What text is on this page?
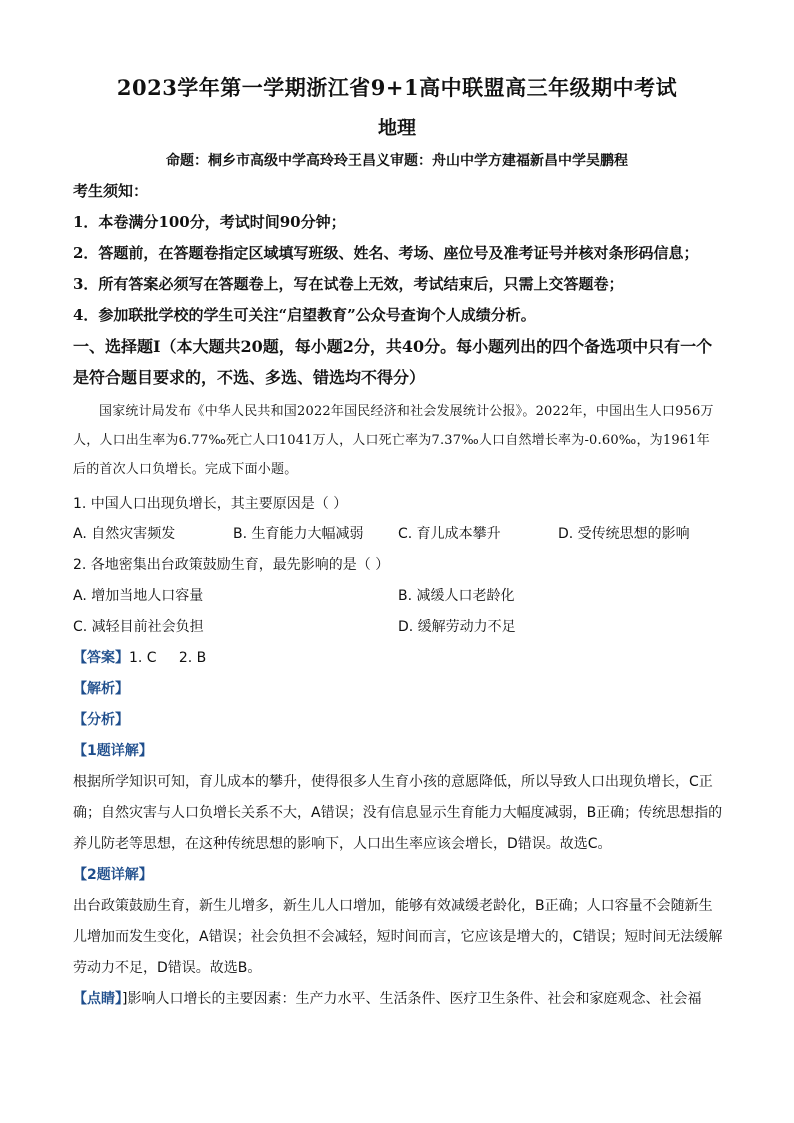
2023学年第一学期浙江省9+1高中联盟高三年级期中考试
地理
命题：桐乡市高级中学高玲玲王昌义审题：舟山中学方建福新昌中学吴鹏程
考生须知：
1．本卷满分100分，考试时间90分钟；
2．答题前，在答题卷指定区域填写班级、姓名、考场、座位号及准考证号并核对条形码信息；
3．所有答案必须写在答题卷上，写在试卷上无效，考试结束后，只需上交答题卷；
4．参加联批学校的学生可关注“启望教育”公众号查询个人成绩分析。
一、选择题Ⅰ（本大题共20题，每小题2分，共40分。每小题列出的四个备选项中只有一个是符合题目要求的，不选、多选、错选均不得分）
国家统计局发布《中华人民共和国2022年国民经济和社会发展统计公报》。2022年，中国出生人口956万人，人口出生率为6.77‰死亡人口1041万人，人口死亡率为7.37‰人口自然增长率为-0.60‰，为1961年后的首次人口负增长。完成下面小题。
1. 中国人口出现负增长，其主要原因是（ ）
A. 自然灾害频发	B. 生育能力大幅减弱 C. 育儿成本攀升	D. 受传统思想的影响
2. 各地密集出台政策鼓励生育，最先影响的是（ ）
A. 增加当地人口容量	B. 减缓人口老龄化
C. 减轻目前社会负担	D. 缓解劳动力不足
【答案】1. C     2. B
【解析】
【分析】
【1题详解】
根据所学知识可知，育儿成本的攀升，使得很多人生育小孩的意愿降低，所以导致人口出现负增长，C正确；自然灾害与人口负增长关系不大，A错误；没有信息显示生育能力大幅度减弱，B正确；传统思想指的养儿防老等思想，在这种传统思想的影响下，人口出生率应该会增长，D错误。故选C。
【2题详解】
出台政策鼓励生育，新生儿增多，新生儿人口增加，能够有效减缓老龄化，B正确；人口容量不会随新生儿增加而发生变化，A错误；社会负担不会减轻，短时间而言，它应该是增大的，C错误；短时间无法缓解劳动力不足，D错误。故选B。
【点睛】]影响人口增长的主要因素：生产力水平、生活条件、医疗卫生条件、社会和家庭观念、社会福
